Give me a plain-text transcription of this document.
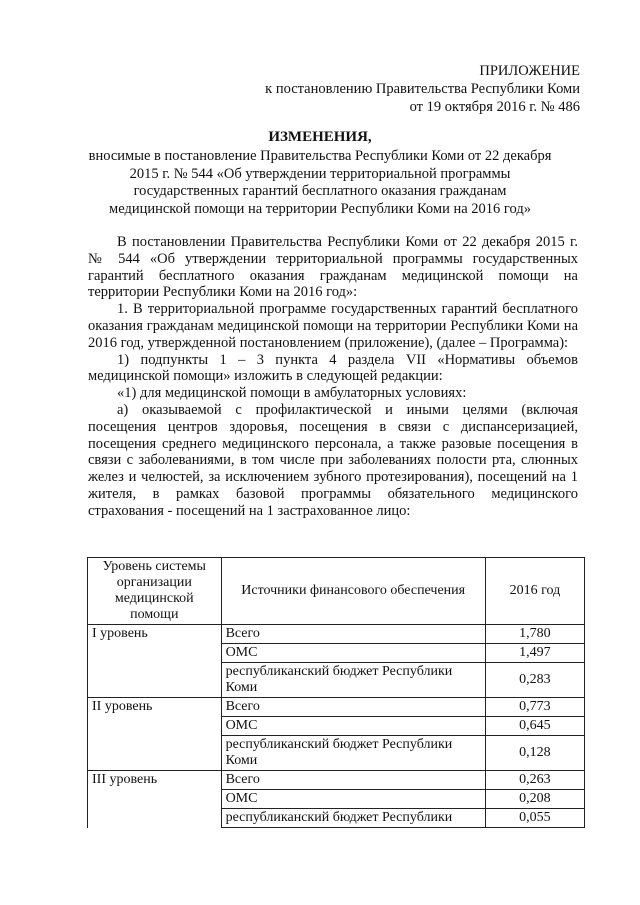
ПРИЛОЖЕНИЕ
к постановлению Правительства Республики Коми
от 19 октября 2016 г. № 486
ИЗМЕНЕНИЯ,
вносимые в постановление Правительства Республики Коми от 22 декабря
2015 г. № 544 «Об утверждении территориальной программы
государственных гарантий бесплатного оказания гражданам
медицинской помощи на территории Республики Коми на 2016 год»

В постановлении Правительства Республики Коми от 22 декабря 2015 г. № 544 «Об утверждении территориальной программы государственных гарантий бесплатного оказания гражданам медицинской помощи на территории Республики Коми на 2016 год»:

1. В территориальной программе государственных гарантий бесплатного оказания гражданам медицинской помощи на территории Республики Коми на 2016 год, утвержденной постановлением (приложение), (далее – Программа):

1) подпункты 1 – 3 пункта 4 раздела VII «Нормативы объемов медицинской помощи» изложить в следующей редакции:

«1) для медицинской помощи в амбулаторных условиях:

а) оказываемой с профилактической и иными целями (включая посещения центров здоровья, посещения в связи с диспансеризацией, посещения среднего медицинского персонала, а также разовые посещения в связи с заболеваниями, в том числе при заболеваниях полости рта, слюнных желез и челюстей, за исключением зубного протезирования), посещений на 1 жителя, в рамках базовой программы обязательного медицинского страхования - посещений на 1 застрахованное лицо:

Уровень системы организации медицинской помощи	Источники финансового обеспечения	2016 год
I уровень	Всего	1,780
	ОМС	1,497
	республиканский бюджет Республики Коми	0,283
II уровень	Всего	0,773
	ОМС	0,645
	республиканский бюджет Республики Коми	0,128
III уровень	Всего	0,263
	ОМС	0,208
	республиканский бюджет Республики	0,055
